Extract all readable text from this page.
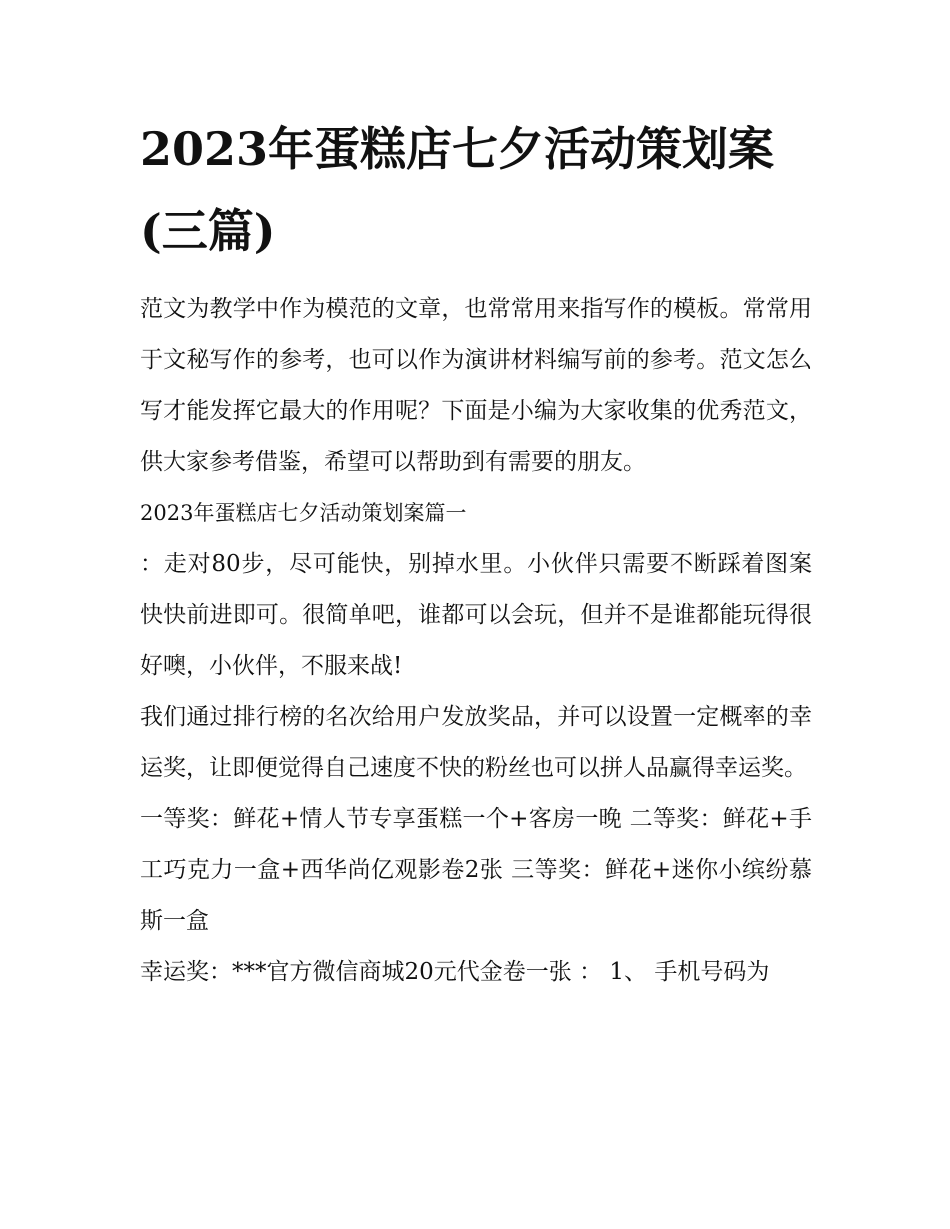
2023年蛋糕店七夕活动策划案(三篇)

范文为教学中作为模范的文章，也常常用来指写作的模板。常常用于文秘写作的参考，也可以作为演讲材料编写前的参考。范文怎么写才能发挥它最大的作用呢？下面是小编为大家收集的优秀范文，供大家参考借鉴，希望可以帮助到有需要的朋友。

2023年蛋糕店七夕活动策划案篇一

：走对80步，尽可能快，别掉水里。小伙伴只需要不断踩着图案快快前进即可。很简单吧，谁都可以会玩，但并不是谁都能玩得很好噢，小伙伴，不服来战!

我们通过排行榜的名次给用户发放奖品，并可以设置一定概率的幸运奖，让即便觉得自己速度不快的粉丝也可以拼人品赢得幸运奖。

一等奖：鲜花+情人节专享蛋糕一个+客房一晚 二等奖：鲜花+手工巧克力一盒+西华尚亿观影卷2张 三等奖：鲜花+迷你小缤纷慕斯一盒

幸运奖：***官方微信商城20元代金卷一张 ： 1、 手机号码为
